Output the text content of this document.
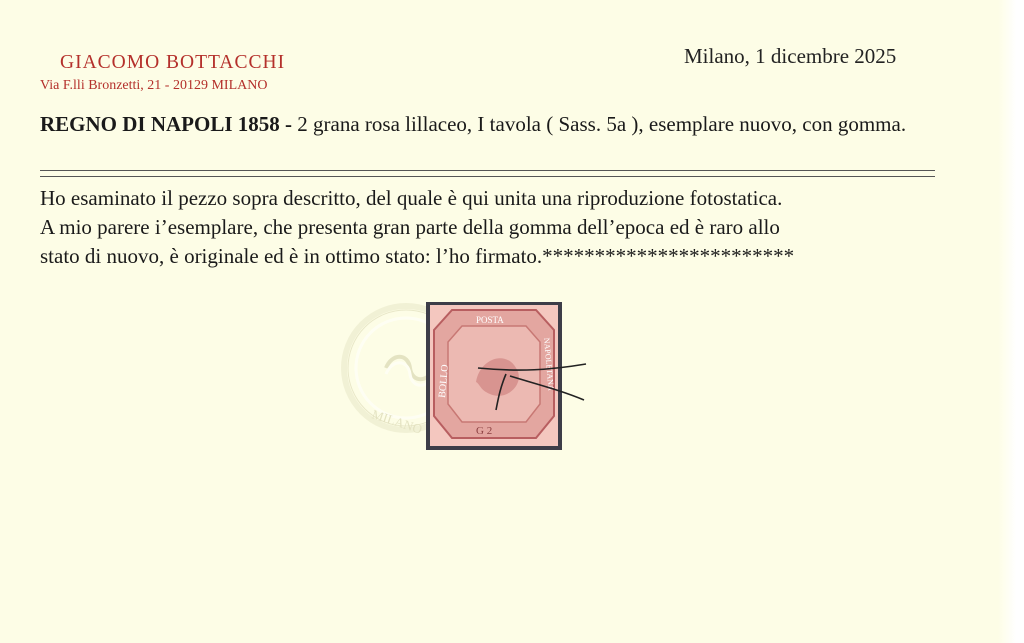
GIACOMO BOTTACCHI
Via F.lli Bronzetti, 21 - 20129 MILANO
Milano, 1 dicembre 2025
REGNO DI NAPOLI 1858 - 2 grana rosa lillaceo, I tavola ( Sass. 5a ), esemplare nuovo, con gomma.

Ho esaminato il pezzo sopra descritto, del quale è qui unita una riproduzione fotostatica.

A mio parere i’esemplare, che presenta gran parte della gomma dell’epoca ed è raro allo

stato di nuovo, è originale ed è in ottimo stato: l’ho firmato.************************

MILANO
POSTA
BOLLO	NAPOLETANA
G 2
